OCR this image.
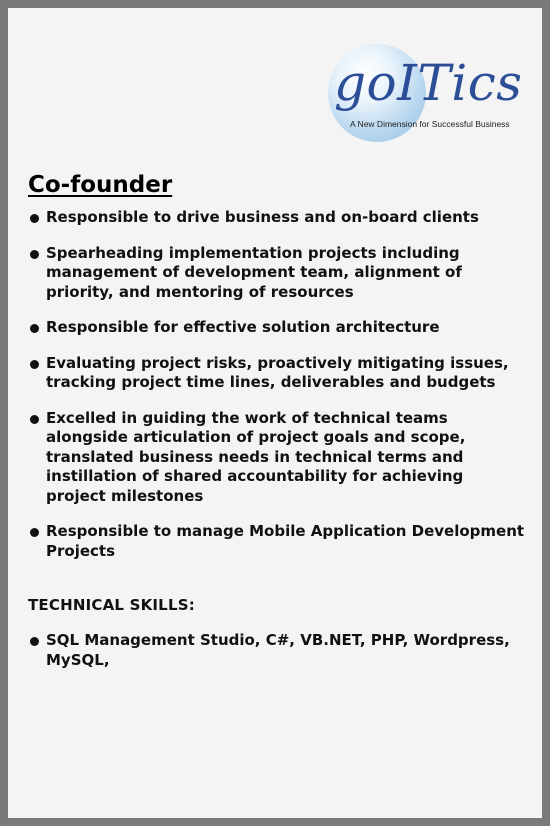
goITics
A New Dimension for Successful Business
Co-founder
Responsible to drive business and on-board clients
Spearheading implementation projects including management of development team, alignment of priority, and mentoring of resources
Responsible for effective solution architecture
Evaluating project risks, proactively mitigating issues, tracking project time lines, deliverables and budgets
Excelled in guiding the work of technical teams alongside articulation of project goals and scope, translated business needs in technical terms and instillation of shared accountability for achieving project milestones
Responsible to manage Mobile Application Development Projects
TECHNICAL SKILLS:
SQL Management Studio, C#, VB.NET, PHP, Wordpress, MySQL,
